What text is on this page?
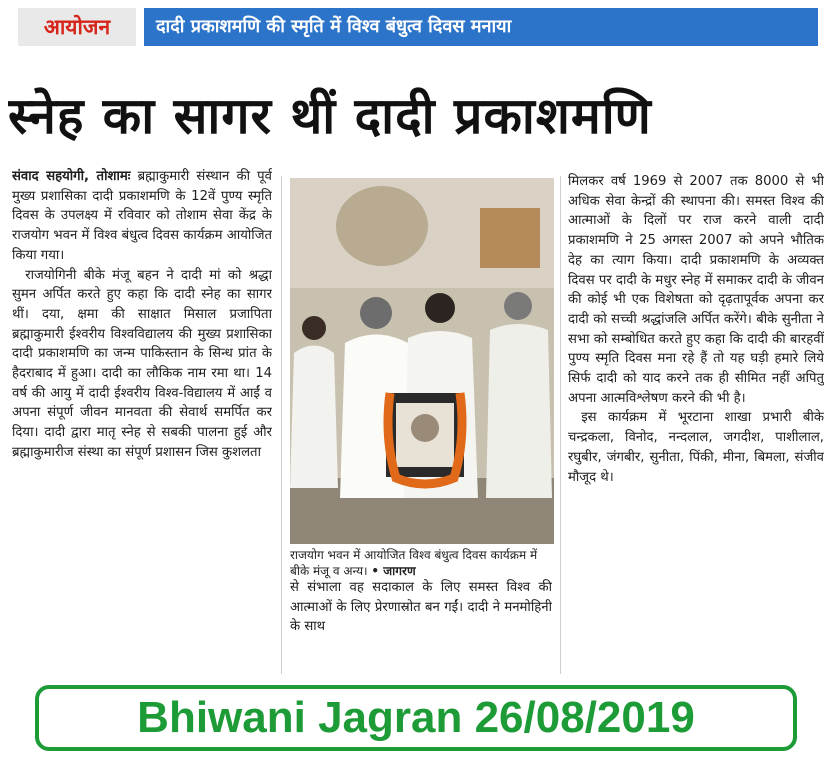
आयोजन	दादी प्रकाशमणि की स्मृति में विश्व बंधुत्व दिवस मनाया
स्नेह का सागर थीं दादी प्रकाशमणि

संवाद सहयोगी, तोशामः ब्रह्माकुमारी संस्थान की पूर्व मुख्य प्रशासिका दादी प्रकाशमणि के 12वें पुण्य स्मृति दिवस के उपलक्ष्य में रविवार को तोशाम सेवा केंद्र के राजयोग भवन में विश्व बंधुत्व दिवस कार्यक्रम आयोजित किया गया।

राजयोगिनी बीके मंजू बहन ने दादी मां को श्रद्धा सुमन अर्पित करते हुए कहा कि दादी स्नेह का सागर थीं। दया, क्षमा की साक्षात मिसाल प्रजापिता ब्रह्माकुमारी ईश्वरीय विश्वविद्यालय की मुख्य प्रशासिका दादी प्रकाशमणि का जन्म पाकिस्तान के सिन्ध प्रांत के हैदराबाद में हुआ। दादी का लौकिक नाम रमा था। 14 वर्ष की आयु में दादी ईश्वरीय विश्व-विद्यालय में आईं व अपना संपूर्ण जीवन मानवता की सेवार्थ समर्पित कर दिया। दादी द्वारा मातृ स्नेह से सबकी पालना हुई और ब्रह्माकुमारीज संस्था का संपूर्ण प्रशासन जिस कुशलता

राजयोग भवन में आयोजित विश्व बंधुत्व दिवस कार्यक्रम में बीके मंजू व अन्य। • जागरण

से संभाला वह सदाकाल के लिए समस्त विश्व की आत्माओं के लिए प्रेरणास्रोत बन गईं। दादी ने मनमोहिनी के साथ

मिलकर वर्ष 1969 से 2007 तक 8000 से भी अधिक सेवा केन्द्रों की स्थापना की। समस्त विश्व की आत्माओं के दिलों पर राज करने वाली दादी प्रकाशमणि ने 25 अगस्त 2007 को अपने भौतिक देह का त्याग किया। दादी प्रकाशमणि के अव्यक्त दिवस पर दादी के मधुर स्नेह में समाकर दादी के जीवन की कोई भी एक विशेषता को दृढ़तापूर्वक अपना कर दादी को सच्ची श्रद्धांजलि अर्पित करेंगे। बीके सुनीता ने सभा को सम्बोधित करते हुए कहा कि दादी की बारहवीं पुण्य स्मृति दिवस मना रहे हैं तो यह घड़ी हमारे लिये सिर्फ दादी को याद करने तक ही सीमित नहीं अपितु अपना आत्मविश्लेषण करने की भी है।

इस कार्यक्रम में भूरटाना शाखा प्रभारी बीके चन्द्रकला, विनोद, नन्दलाल, जगदीश, पाशीलाल, रघुबीर, जंगबीर, सुनीता, पिंकी, मीना, बिमला, संजीव मौजूद थे।

Bhiwani Jagran 26/08/2019
